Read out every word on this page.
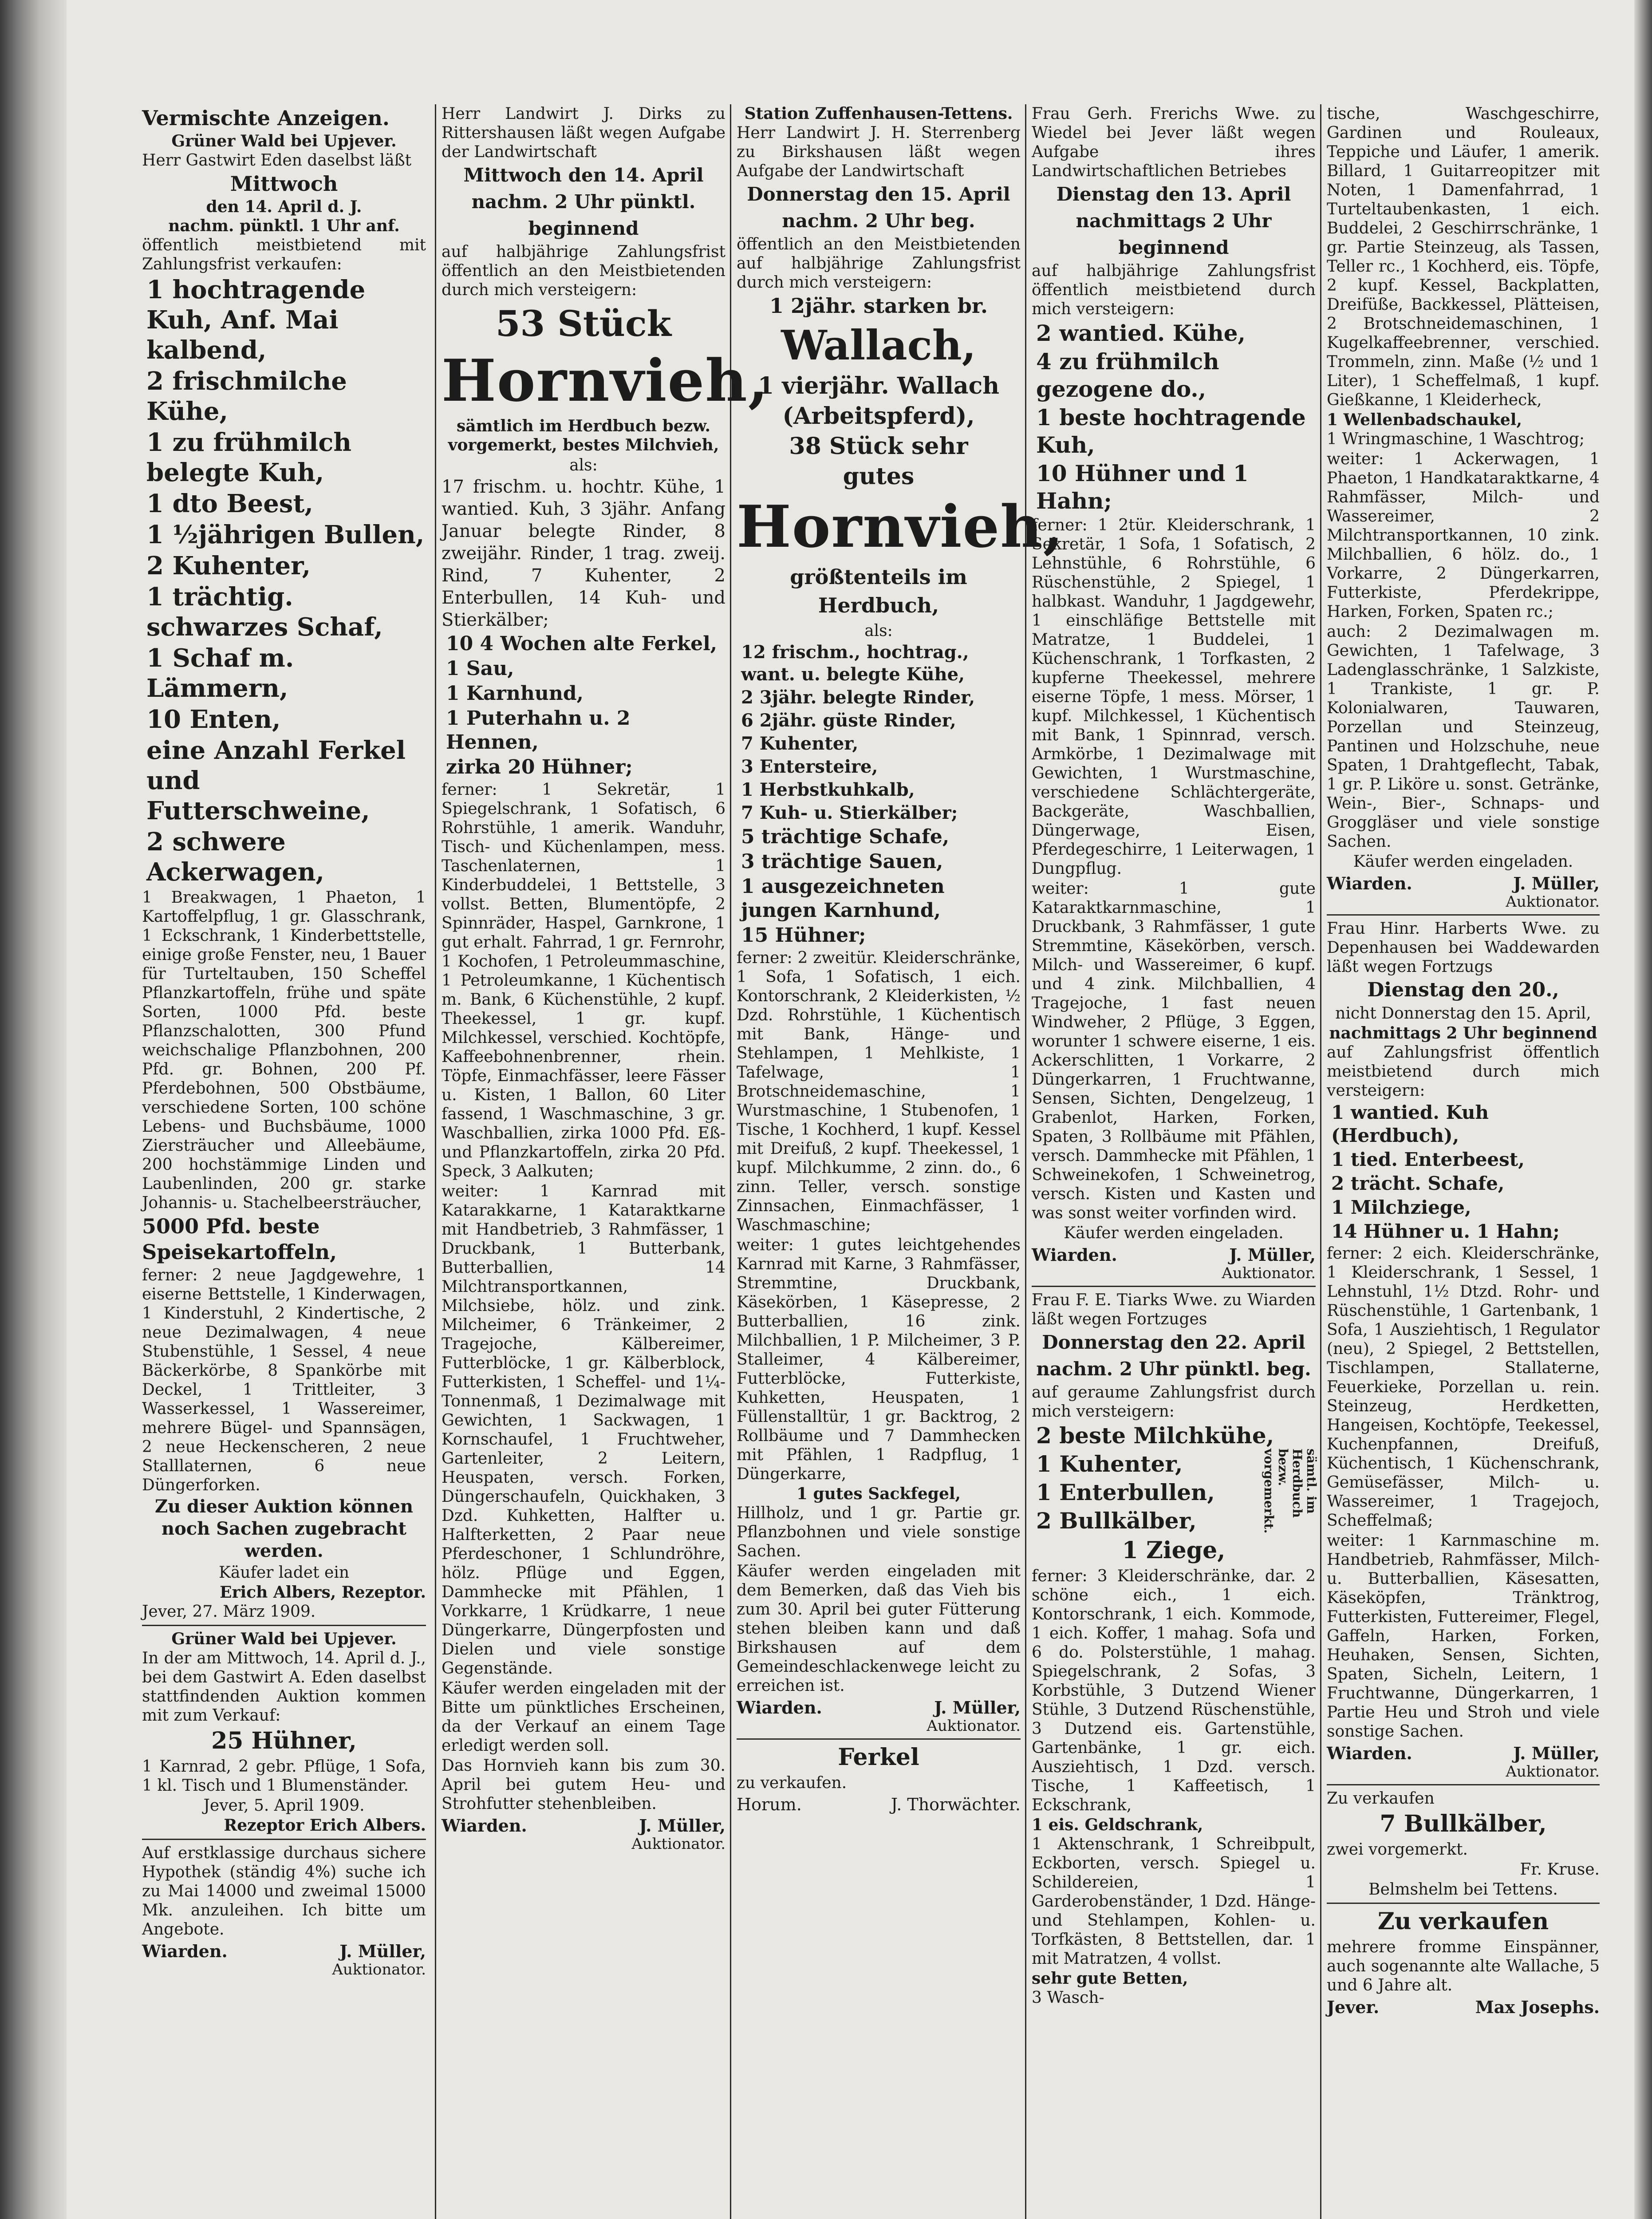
Vermischte Anzeigen.
Grüner Wald bei Upjever.
Herr Gastwirt Eden daselbst läßt
Mittwoch
den 14. April d. J.
nachm. pünktl. 1 Uhr anf.
öffentlich meistbietend mit Zahlungsfrist verkaufen:
1 hochtragende Kuh, Anf. Mai kalbend,
2 frischmilche Kühe,
1 zu frühmilch belegte Kuh,
1 dto Beest,
1 ½jährigen Bullen,
2 Kuhenter,
1 trächtig. schwarzes Schaf,
1 Schaf m. Lämmern,
10 Enten,
eine Anzahl Ferkel und Futterschweine,
2 schwere Ackerwagen,
1 Breakwagen, 1 Phaeton, 1 Kartoffelpflug, 1 gr. Glasschrank, 1 Eckschrank, 1 Kinderbettstelle, einige große Fenster, neu, 1 Bauer für Turteltauben, 150 Scheffel Pflanzkartoffeln, frühe und späte Sorten, 1000 Pfd. beste Pflanzschalotten, 300 Pfund weichschalige Pflanzbohnen, 200 Pfd. gr. Bohnen, 200 Pf. Pferdebohnen, 500 Obstbäume, verschiedene Sorten, 100 schöne Lebens- und Buchsbäume, 1000 Ziersträucher und Alleebäume, 200 hochstämmige Linden und Laubenlinden, 200 gr. starke Johannis- u. Stachelbeersträucher,
5000 Pfd. beste Speisekartoffeln,
ferner: 2 neue Jagdgewehre, 1 eiserne Bettstelle, 1 Kinderwagen, 1 Kinderstuhl, 2 Kindertische, 2 neue Dezimalwagen, 4 neue Stubenstühle, 1 Sessel, 4 neue Bäckerkörbe, 8 Spankörbe mit Deckel, 1 Trittleiter, 3 Wasserkessel, 1 Wassereimer, mehrere Bügel- und Spannsägen, 2 neue Heckenscheren, 2 neue Stalllaternen, 6 neue Düngerforken.
Zu dieser Auktion können noch Sachen zugebracht werden.
Käufer ladet ein
Erich Albers, Rezeptor.
Jever, 27. März 1909.
Grüner Wald bei Upjever.
In der am Mittwoch, 14. April d. J., bei dem Gastwirt A. Eden daselbst stattfindenden Auktion kommen mit zum Verkauf:
25 Hühner,
1 Karnrad, 2 gebr. Pflüge, 1 Sofa, 1 kl. Tisch und 1 Blumenständer.
Jever, 5. April 1909.
Rezeptor Erich Albers.
Auf erstklassige durchaus sichere Hypothek (ständig 4%) suche ich zu Mai 14000 und zweimal 15000 Mk. anzuleihen. Ich bitte um Angebote.
Wiarden.	J. Müller,
Auktionator.
Herr Landwirt J. Dirks zu Rittershausen läßt wegen Aufgabe der Landwirtschaft
Mittwoch den 14. April
nachm. 2 Uhr pünktl.
beginnend
auf halbjährige Zahlungsfrist öffentlich an den Meistbietenden durch mich versteigern:
53 Stück
Hornvieh,
sämtlich im Herdbuch bezw. vorgemerkt, bestes Milchvieh,
als:
17 frischm. u. hochtr. Kühe, 1 wantied. Kuh, 3 3jähr. Anfang Januar belegte Rinder, 8 zweijähr. Rinder, 1 trag. zweij. Rind, 7 Kuhenter, 2 Enterbullen, 14 Kuh- und Stierkälber;
10 4 Wochen alte Ferkel,
1 Sau,
1 Karnhund,
1 Puterhahn u. 2 Hennen,
zirka 20 Hühner;
ferner: 1 Sekretär, 1 Spiegelschrank, 1 Sofatisch, 6 Rohrstühle, 1 amerik. Wanduhr, Tisch- und Küchenlampen, mess. Taschenlaternen, 1 Kinderbuddelei, 1 Bettstelle, 3 vollst. Betten, Blumentöpfe, 2 Spinnräder, Haspel, Garnkrone, 1 gut erhalt. Fahrrad, 1 gr. Fernrohr, 1 Kochofen, 1 Petroleummaschine, 1 Petroleumkanne, 1 Küchentisch m. Bank, 6 Küchenstühle, 2 kupf. Theekessel, 1 gr. kupf. Milchkessel, verschied. Kochtöpfe, Kaffeebohnenbrenner, rhein. Töpfe, Einmachfässer, leere Fässer u. Kisten, 1 Ballon, 60 Liter fassend, 1 Waschmaschine, 3 gr. Waschballien, zirka 1000 Pfd. Eß- und Pflanzkartoffeln, zirka 20 Pfd. Speck, 3 Aalkuten;
weiter: 1 Karnrad mit Katarakkarne, 1 Kataraktkarne mit Handbetrieb, 3 Rahmfässer, 1 Druckbank, 1 Butterbank, Butterballien, 14 Milchtransportkannen, Milchsiebe, hölz. und zink. Milcheimer, 6 Tränkeimer, 2 Tragejoche, Kälbereimer, Futterblöcke, 1 gr. Kälberblock, Futterkisten, 1 Scheffel- und 1¼-Tonnenmaß, 1 Dezimalwage mit Gewichten, 1 Sackwagen, 1 Kornschaufel, 1 Fruchtweher, Gartenleiter, 2 Leitern, Heuspaten, versch. Forken, Düngerschaufeln, Quickhaken, 3 Dzd. Kuhketten, Halfter u. Halfterketten, 2 Paar neue Pferdeschoner, 1 Schlundröhre, hölz. Pflüge und Eggen, Dammhecke mit Pfählen, 1 Vorkkarre, 1 Krüdkarre, 1 neue Düngerkarre, Düngerpfosten und Dielen und viele sonstige Gegenstände.
Käufer werden eingeladen mit der Bitte um pünktliches Erscheinen, da der Verkauf an einem Tage erledigt werden soll.
Das Hornvieh kann bis zum 30. April bei gutem Heu- und Strohfutter stehenbleiben.
Wiarden.	J. Müller,
Auktionator.
Station Zuffenhausen-Tettens.
Herr Landwirt J. H. Sterrenberg zu Birkshausen läßt wegen Aufgabe der Landwirtschaft
Donnerstag den 15. April
nachm. 2 Uhr beg.
öffentlich an den Meistbietenden auf halbjährige Zahlungsfrist durch mich versteigern:
1 2jähr. starken br.
Wallach,
1 vierjähr. Wallach
(Arbeitspferd),
38 Stück sehr
gutes
Hornvieh,
größtenteils im Herdbuch,
als:
12 frischm., hochtrag., want. u. belegte Kühe,
2 3jähr. belegte Rinder,
6 2jähr. güste Rinder,
7 Kuhenter,
3 Entersteire,
1 Herbstkuhkalb,
7 Kuh- u. Stierkälber;
5 trächtige Schafe,
3 trächtige Sauen,
1 ausgezeichneten jungen Karnhund,
15 Hühner;
ferner: 2 zweitür. Kleiderschränke, 1 Sofa, 1 Sofatisch, 1 eich. Kontorschrank, 2 Kleiderkisten, ½ Dzd. Rohrstühle, 1 Küchentisch mit Bank, Hänge- und Stehlampen, 1 Mehlkiste, 1 Tafelwage, 1 Brotschneidemaschine, 1 Wurstmaschine, 1 Stubenofen, 1 Tische, 1 Kochherd, 1 kupf. Kessel mit Dreifuß, 2 kupf. Theekessel, 1 kupf. Milchkumme, 2 zinn. do., 6 zinn. Teller, versch. sonstige Zinnsachen, Einmachfässer, 1 Waschmaschine;
weiter: 1 gutes leichtgehendes Karnrad mit Karne, 3 Rahmfässer, Stremmtine, Druckbank, Käsekörben, 1 Käsepresse, 2 Butterballien, 16 zink. Milchballien, 1 P. Milcheimer, 3 P. Stalleimer, 4 Kälbereimer, Futterblöcke, Futterkiste, Kuhketten, Heuspaten, 1 Füllenstalltür, 1 gr. Backtrog, 2 Rollbäume und 7 Dammhecken mit Pfählen, 1 Radpflug, 1 Düngerkarre,
1 gutes Sackfegel,
Hillholz, und 1 gr. Partie gr. Pflanzbohnen und viele sonstige Sachen.
Käufer werden eingeladen mit dem Bemerken, daß das Vieh bis zum 30. April bei guter Fütterung stehen bleiben kann und daß Birkshausen auf dem Gemeindeschlackenwege leicht zu erreichen ist.
Wiarden.	J. Müller,
Auktionator.
Ferkel
zu verkaufen.
Horum.	J. Thorwächter.
Frau Gerh. Frerichs Wwe. zu Wiedel bei Jever läßt wegen Aufgabe ihres Landwirtschaftlichen Betriebes
Dienstag den 13. April
nachmittags 2 Uhr
beginnend
auf halbjährige Zahlungsfrist öffentlich meistbietend durch mich versteigern:
2 wantied. Kühe,
4 zu frühmilch gezogene do.,
1 beste hochtragende Kuh,
10 Hühner und 1 Hahn;
ferner: 1 2tür. Kleiderschrank, 1 Sekretär, 1 Sofa, 1 Sofatisch, 2 Lehnstühle, 6 Rohrstühle, 6 Rüschenstühle, 2 Spiegel, 1 halbkast. Wanduhr, 1 Jagdgewehr, 1 einschläfige Bettstelle mit Matratze, 1 Buddelei, 1 Küchenschrank, 1 Torfkasten, 2 kupferne Theekessel, mehrere eiserne Töpfe, 1 mess. Mörser, 1 kupf. Milchkessel, 1 Küchentisch mit Bank, 1 Spinnrad, versch. Armkörbe, 1 Dezimalwage mit Gewichten, 1 Wurstmaschine, verschiedene Schlächtergeräte, Backgeräte, Waschballien, Düngerwage, Eisen, Pferdegeschirre, 1 Leiterwagen, 1 Dungpflug.
weiter: 1 gute Kataraktkarnmaschine, 1 Druckbank, 3 Rahmfässer, 1 gute Stremmtine, Käsekörben, versch. Milch- und Wassereimer, 6 kupf. und 4 zink. Milchballien, 4 Tragejoche, 1 fast neuen Windweher, 2 Pflüge, 3 Eggen, worunter 1 schwere eiserne, 1 eis. Ackerschlitten, 1 Vorkarre, 2 Düngerkarren, 1 Fruchtwanne, Sensen, Sichten, Dengelzeug, 1 Grabenlot, Harken, Forken, Spaten, 3 Rollbäume mit Pfählen, versch. Dammhecke mit Pfählen, 1 Schweinekofen, 1 Schweinetrog, versch. Kisten und Kasten und was sonst weiter vorfinden wird.
Käufer werden eingeladen.
Wiarden.	J. Müller,
Auktionator.
Frau F. E. Tiarks Wwe. zu Wiarden läßt wegen Fortzuges
Donnerstag den 22. April
nachm. 2 Uhr pünktl. beg.
auf geraume Zahlungsfrist durch mich versteigern:
2 beste Milchkühe,
1 Kuhenter,
1 Enterbullen,
2 Bullkälber,
sämtl. im Herdbuch bezw. vorgemerkt.
1 Ziege,
ferner: 3 Kleiderschränke, dar. 2 schöne eich., 1 eich. Kontorschrank, 1 eich. Kommode, 1 eich. Koffer, 1 mahag. Sofa und 6 do. Polsterstühle, 1 mahag. Spiegelschrank, 2 Sofas, 3 Korbstühle, 3 Dutzend Wiener Stühle, 3 Dutzend Rüschenstühle, 3 Dutzend eis. Gartenstühle, Gartenbänke, 1 gr. eich. Ausziehtisch, 1 Dzd. versch. Tische, 1 Kaffeetisch, 1 Eckschrank,
1 eis. Geldschrank,
1 Aktenschrank, 1 Schreibpult, Eckborten, versch. Spiegel u. Schildereien, 1 Garderobenständer, 1 Dzd. Hänge- und Stehlampen, Kohlen- u. Torfkästen, 8 Bettstellen, dar. 1 mit Matratzen, 4 vollst.
sehr gute Betten,
3 Wasch-
tische, Waschgeschirre, Gardinen und Rouleaux, Teppiche und Läufer, 1 amerik. Billard, 1 Guitarreopitzer mit Noten, 1 Damenfahrrad, 1 Turteltaubenkasten, 1 eich. Buddelei, 2 Geschirrschränke, 1 gr. Partie Steinzeug, als Tassen, Teller rc., 1 Kochherd, eis. Töpfe, 2 kupf. Kessel, Backplatten, Dreifüße, Backkessel, Plätteisen, 2 Brotschneidemaschinen, 1 Kugelkaffeebrenner, verschied. Trommeln, zinn. Maße (½ und 1 Liter), 1 Scheffelmaß, 1 kupf. Gießkanne, 1 Kleiderheck,
1 Wellenbadschaukel,
1 Wringmaschine, 1 Waschtrog;
weiter: 1 Ackerwagen, 1 Phaeton, 1 Handkataraktkarne, 4 Rahmfässer, Milch- und Wassereimer, 2 Milchtransportkannen, 10 zink. Milchballien, 6 hölz. do., 1 Vorkarre, 2 Düngerkarren, Futterkiste, Pferdekrippe, Harken, Forken, Spaten rc.;
auch: 2 Dezimalwagen m. Gewichten, 1 Tafelwage, 3 Ladenglasschränke, 1 Salzkiste, 1 Trankiste, 1 gr. P. Kolonialwaren, Tauwaren, Porzellan und Steinzeug, Pantinen und Holzschuhe, neue Spaten, 1 Drahtgeflecht, Tabak, 1 gr. P. Liköre u. sonst. Getränke, Wein-, Bier-, Schnaps- und Groggläser und viele sonstige Sachen.
Käufer werden eingeladen.
Wiarden.	J. Müller,
Auktionator.
Frau Hinr. Harberts Wwe. zu Depenhausen bei Waddewarden läßt wegen Fortzugs
Dienstag den 20.,
nicht Donnerstag den 15. April,
nachmittags 2 Uhr beginnend
auf Zahlungsfrist öffentlich meistbietend durch mich versteigern:
1 wantied. Kuh (Herdbuch),
1 tied. Enterbeest,
2 trächt. Schafe,
1 Milchziege,
14 Hühner u. 1 Hahn;
ferner: 2 eich. Kleiderschränke, 1 Kleiderschrank, 1 Sessel, 1 Lehnstuhl, 1½ Dtzd. Rohr- und Rüschenstühle, 1 Gartenbank, 1 Sofa, 1 Ausziehtisch, 1 Regulator (neu), 2 Spiegel, 2 Bettstellen, Tischlampen, Stallaterne, Feuerkieke, Porzellan u. rein. Steinzeug, Herdketten, Hangeisen, Kochtöpfe, Teekessel, Kuchenpfannen, Dreifuß, Küchentisch, 1 Küchenschrank, Gemüsefässer, Milch- u. Wassereimer, 1 Tragejoch, Scheffelmaß;
weiter: 1 Karnmaschine m. Handbetrieb, Rahmfässer, Milch- u. Butterballien, Käsesatten, Käseköpfen, Tränktrog, Futterkisten, Futtereimer, Flegel, Gaffeln, Harken, Forken, Heuhaken, Sensen, Sichten, Spaten, Sicheln, Leitern, 1 Fruchtwanne, Düngerkarren, 1 Partie Heu und Stroh und viele sonstige Sachen.
Wiarden.	J. Müller,
Auktionator.
Zu verkaufen
7 Bullkälber,
zwei vorgemerkt.
Fr. Kruse.
Belmshelm bei Tettens.
Zu verkaufen
mehrere fromme Einspänner, auch sogenannte alte Wallache, 5 und 6 Jahre alt.
Jever.	Max Josephs.
